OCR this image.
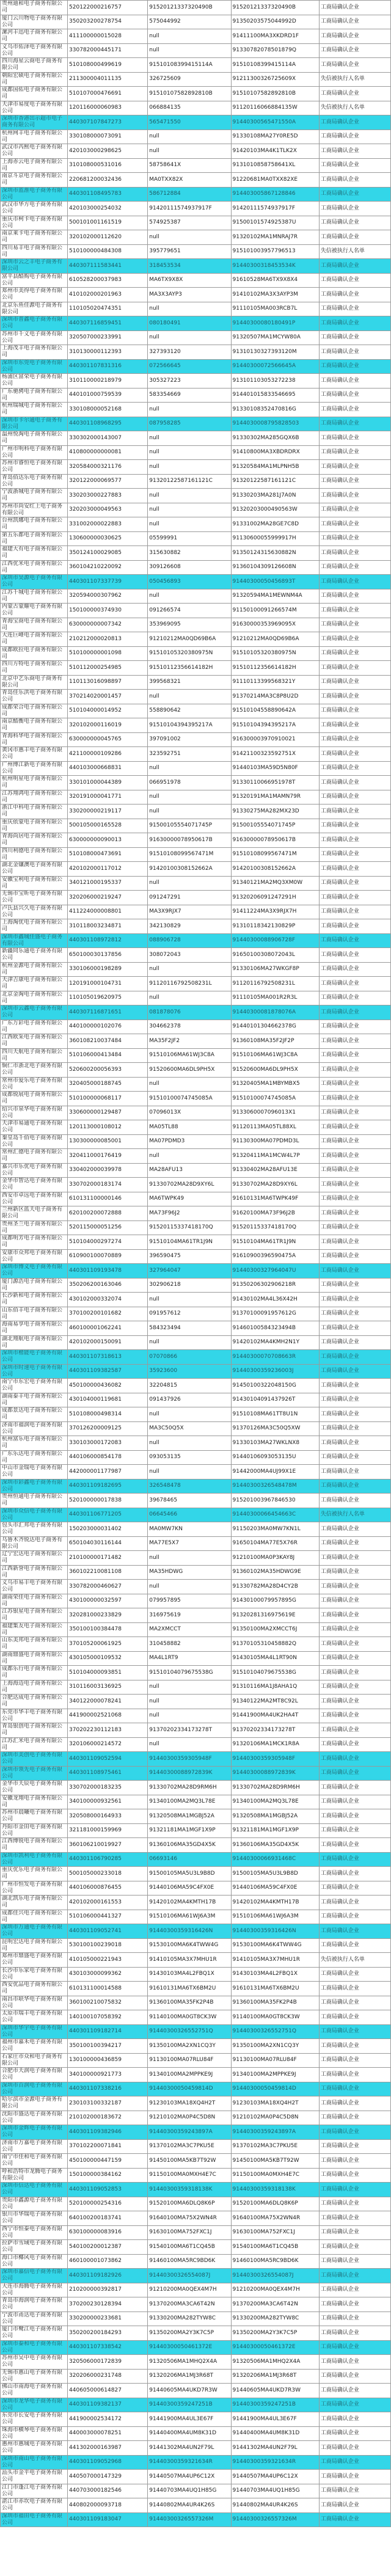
贵州迪和电子商务有限公司	520122000216757	91520121337320490B	91520121337320490B	工商局确认企业
厦门云川物电子商务有限公司	350203200278754	575044992	91350203575044992D	工商局确认企业
漯河丰迅电子商务有限公司	411100000015028	null	91411100MA3XKDRD1F	工商局确认企业
义乌市佑泽电子商务有限公司	330782000445171	null	91330782078501879Q	工商局确认企业
四川海星云商电子商务有限公司	510108000499619	91510108399415114A	91510108399415114A	工商局确认企业
朝阳宏硕电子商务有限公司	211300004011135	326725609	91211300326725609X	失信被执行人名单
成都国佑电子商务有限公司	510107000476691	91510107582892810B	91510107582892810B	工商局确认企业
天津市易度电子商务有限公司	120116000060983	066884135	91120116066884135W	失信被执行人名单
深圳市香港出示超市电子商务有限公司	440307107847273	565471550	91440300565471550A	工商局确认企业
杭州网丰电子商务有限公司	330108000073091	null	91330108MA27Y0RE5D	工商局确认企业
武汉市芮熙电子商务有限公司	420103000298625	null	91420103MA4K1TLK2X	工商局确认企业
上海赤云电子商务有限公司	310108000531016	58758641X	9131010858758641XL	工商局确认企业
南京斗京电子商务有限公司	220681200032436	MA0TXX82X	91220681MA0TXX82XE	工商局确认企业
深圳市蓝淮电子商务有限公司	440301108495783	586712884	914403005867128846	工商局确认企业
武汉市华方电子商务有限公司	420103000254032	91420111574937917F	91420111574937917F	工商局确认企业
重庆市柯卡电子商务有限公司	500101001161519	574925387	91500101574925387U	工商局确认企业
南京莱卡电子商务有限公司	320102000112620	null	91320102MA1MNRAJ7R	工商局确认企业
四川易丰电子商务有限公司	510100000484308	395779651	915101003957796513	失信被执行人名单
深圳市云之丰电子商务有限公司	440307111583441	318453534	91440300318453534K	工商局确认企业
富平县酷购电子商务有限公司	610528200037983	MA6TX9X8X	91610528MA6TX9X8X4	工商局确认企业
郑州市美得电子商务有限公司	410102000201963	MA3X3AYP3	91410102MA3X3AYP3M	工商局确认企业
北京乐鱼佳源电子商务有限公司	110105020474351	null	91110105MA003RCB7L	工商局确认企业
深圳市普鑫电子商务有限公司	440307116859451	080180491	91440300080180491P	工商局确认企业
苏州市千义电子商务有限公司	320507000233991	null	91320507MA1MCYW80A	工商局确认企业
上海茂丰电子商务有限公司	310130000112393	327393120	91310130327393120M	工商局确认企业
深圳市东莞电子商务有限公司	440301107831316	072566645	91440300072566645A	工商局确认企业
杨浦区富荣电子商务有限公司	310110000218979	305327223	913101103053272238	工商局确认企业
广东驰骋电子商务有限公司	440101000759539	583354669	914401015833546695	工商局确认企业
杭州瑞城电子商务有限公司	330108000052168	null	91330108352470816G	工商局确认企业
深圳市卡尔通电子商务有限公司	440301108968295	087958285	9144030008795828503	工商局确认企业
温州悦淘电子商务有限公司	330302000143007	null	91330302MA285GQX6B	工商局确认企业
广州市明科电子商务有限公司	410800000000081	null	91410800MA3XBDRDRX	工商局确认企业
苏州市睿恒电子商务有限公司	320584000321176	null	91320584MA1MLPNH5B	工商局确认企业
青岛佰达乐电子商务有限公司	320122000069577	91320122587161121C	91320122587161121C	工商局确认企业
宁波浙城电子商务有限公司	330203000227883	null	91330203MA281J7A0N	工商局确认企业
苏州市尚安红上电子商务有限公司	320203000049563	null	91320203000490563W	工商局确认企业
台州凯娜电子商务有限公司	331002000022883	null	91331002MA28GE7C8D	工商局确认企业
第五乐都电子商务有限公司	130600000030625	05599991	91130600055999917H	工商局确认企业
福建大有电子商务有限公司	350124100029085	315630882	91350124315630882N	工商局确认企业
江西优米电子商务有限公司	360104210220092	309126608	91360104309126608N	工商局确认企业
深圳市昊源电子商务有限公司	440301107337739	050456893	91440300050456893T	工商局确认企业
江苏千城电子商务有限公司	320594000307962	null	91320594MA1MEWNM4A	工商局确认企业
内蒙古蒙耀电子商务有限公司	150100000374930	091266574	91150100091266574M	工商局确认企业
青海宝商电子商务有限公司	630000000007342	353969095	91630000353969095X	工商局确认企业
大连巨峰电子商务有限公司	210212000020813	91210212MA0QD69B6A	91210212MA0QD69B6A	工商局确认企业
成都欧拉电子商务有限公司	510100000001098	91510105320380975N	91510105320380975N	工商局确认企业
四川方特电子商务有限公司	510112000254985	91510112356614182H	91510112356614182H	工商局确认企业
北京中艺乐商电子商务有限公司	110113016098897	399568321	91110113399568321Y	工商局确认企业
青岛佳乐洪电子商务有限公司	370214020001457	null	91370214MA3C8P8U2D	工商局确认企业
成都荣合电子商务有限公司	510104000014952	558890642	91510104558890642A	工商局确认企业
南京酷衡电子商务有限公司	320102000116019	91510104394395217A	91510104394395217A	工商局确认企业
青海科华电子商务有限公司	630000000045765	397091002	916300003970910021	工商局确认企业
黄冈市惠丰电子商务有限公司	421100000109286	323592751	91421100323592751X	工商局确认企业
广州博江新电子商务有限公司	440103000668831	null	91440103MA59D5N80F	工商局确认企业
杭州明星电子商务有限公司	330101000044389	066951978	91330110066951978T	工商局确认企业
江苏翔鸿电子商务有限公司	320191000041771	null	91320191MA1MAMN79R	工商局确认企业
浙江中科电子商务有限公司	330200000219117	null	91330275MA282MX23D	工商局确认企业
重庆依蒙电子商务有限公司	500105000165528	91500105554071745P	91500105554071745P	工商局确认企业
青海尚居电子商务有限公司	630000000090013	91630000078950617B	91630000078950617B	工商局确认企业
四川利德电子商务有限公司	510108000473691	91510108099567471M	91510108099567471M	工商局确认企业
湖北金镶澳电子商务有限公司	420102000117012	91420100308152662A	91420100308152662A	工商局确认企业
安徽宝利电子商务有限公司	340121000195337	null	91340121MA2MQ3XM0W	工商局确认企业
无锡市宝昕电子商务有限公司	320206000219247	091247291	91320206091247291H	工商局确认企业
卢氏县兴久电子商务有限公司	411224000008801	MA3X9RJX7	91411224MA3X9RJX7H	工商局确认企业
上海淘优电子商务有限公司	310118003234871	342130829	91310118342130829P	工商局确认企业
深圳市鑫城佳盛电子商务有限公司	440301108972812	088906728	91440300088906728F	工商局确认企业
新疆同乐通电子商务有限公司	650100030137856	308072043	91650100308072043L	工商局确认企业
杭州金源电子商务有限公司	330106000198289	null	91330106MA27WKGF8P	工商局确认企业
天津吉康电子商务有限公司	120191000104731	91120116792508231L	91120116792508231L	工商局确认企业
北京金淘电子商务有限公司	110105019620975	null	91110105MA001R2R3L	工商局确认企业
深圳市云鑫电子商务有限公司	440307116871651	081878076	91440300081878076A	工商局确认企业
广东万彩电子商务有限公司	440100000102076	304662378	91440101304662378G	工商局确认企业
江西欧采电子商务有限公司	360108210037484	MA35F2JF2	91360108MA35F2JF2P	工商局确认企业
四川天航电子商务有限公司	510106000413484	91510106MA61WJ3C8A	91510106MA61WJ3C8A	工商局确认企业
铜仁市浙北电子商务有限公司	520600200056393	91520600MA6DL9PH5X	91520600MA6DL9PH5X	工商局确认企业
常州市爱乐电子商务有限公司	320405000188745	null	91320405MA1MBYMBX5	工商局确认企业
成都锐展电子商务有限公司	510100000068117	91510100074745085A	91510100074745085A	工商局确认企业
绍兴市泉华电子商务有限公司	330600000129487	07096013X	9133060007096013X1	工商局确认企业
天津市易通电子商务有限公司	120113000108012	MA05TL88	91120113MA05TL88XL	工商局确认企业
秦皇岛千佰电子商务有限公司	130300000085001	MA07PDMD3	91130300MA07PDMD3L	工商局确认企业
常州汇德电子商务有限公司	320411000176419	null	91320411MA1MCW4L7P	工商局确认企业
嘉兴市乐优电子商务有限公司	330402000039978	MA28AFU13	91330402MA28AFU13E	工商局确认企业
金华市智达电子商务有限公司	330702000183174	91330702MA28D9XY6L	91330702MA28D9XY6L	工商局确认企业
西安市卓远电子商务有限公司	610131100000146	MA6TWPK49	91610131MA6TWPK49F	工商局确认企业
兰州新区蓝天电子商务有限公司	620100200072888	MA73F96J2	91620100MA73F96J2B	工商局确认企业
贵州圣兰电子商务有限公司	520115000051256	91520115337418170Q	91520115337418170Q	工商局确认企业
成都明芳电子商务有限公司	510104000297274	91510104MA61TR1J9N	91510104MA61TR1J9N	工商局确认企业
安康市众邦电子商务有限公司	610900100070889	396590475	91610900396590475A	工商局确认企业
深圳市博义电子商务有限公司	440301109193478	327964047	91440300327964047U	工商局确认企业
厦门源浩电子商务有限公司	350206200163046	302906218	91350206302906218R	工商局确认企业
长沙新和电子商务有限公司	430102000332074	null	91430102MA4L36X42H	工商局确认企业
山东佰丰电子商务有限公司	370100200101682	091957612	91370100091957612G	工商局确认企业
海南易享电子商务有限公司	460100001062241	584323494	91460100584323494B	工商局确认企业
湖北翔航电子商务有限公司	420102000150091	null	91420102MA4KMH2N1Y	工商局确认企业
深圳市楷能电子商务有限公司	440301107318613	07070866	91440300070708663R	工商局确认企业
深圳市时速电子商务有限公司	440301109382587	35923600	91440300359236003J	工商局确认企业
南宁市东宏电子商务有限公司	450100000436082	32204815	91450100322048150G	工商局确认企业
湖南泰丰电子商务有限公司	430104000119681	091437926	91430104091437926T	工商局确认企业
成都景达电子商务有限公司	510108000498314	null	91510108MA61TT8U1N	工商局确认企业
济南市福润电子商务有限公司	370126200009125	MA3C50Q5X	91370126MA3C50Q5XW	工商局确认企业
杭州富乐电子商务有限公司	330103000172083	null	91330103MA27WKLNX8	工商局确认企业
广东乐达电子商务有限公司	440106000854178	093053135	91440106093053135U	工商局确认企业
中山市金瑞电子商务有限公司	442000001177987	null	91442000MA4UJ99X1E	工商局确认企业
深圳市彩鑫电子商务有限公司	440301109182695	326548478	91440300326548478M	工商局确认企业
贵州恒通电子商务有限公司	520100000017838	39678465	915201003967846530	工商局确认企业
深圳市众信电子商务有限公司	440301106771205	06645466	91440300066454663C	失信被执行人名单
包头市汇邦电子商务有限公司	150203000031402	MA0MW7KN	91150203MA0MW7KN1L	工商局确认企业
乌鲁木齐锐达电子商务有限公司	650104030116144	MA77E5X7	91650104MA77E5X76R	工商局确认企业
辽宁宏达电子商务有限公司	210100000171482	null	91210100MA0P3KAY8J	工商局确认企业
江西新誉电子商务有限公司	360102210081108	MA35HDWG	91360102MA35HDWG9E	工商局确认企业
义乌市易丰电子商务有限公司	330782000460627	null	91330782MA28D4CY2B	工商局确认企业
湖南荣佳电子商务有限公司	430100000032597	079957895	91430100079957895G	工商局确认企业
江苏银星电子商务有限公司	320281000233829	316975619	91320281316975619E	工商局确认企业
福建集友电子商务有限公司	350100100384478	MA2XMCCT	91350100MA2XMCCT6J	工商局确认企业
山东美邦电子商务有限公司	370105200061925	310458882	91370105310458882Q	工商局确认企业
湖南鼎盛电子商务有限公司	430105000109532	MA4L1RT9	91430105MA4L1RT90N	工商局确认企业
成都乐行电子商务有限公司	510104000093851	91510104079675538G	91510104079675538G	工商局确认企业
上海海迈电子商务有限公司	310116003136925	null	91310116MA1J8AHA1Q	工商局确认企业
合肥达成电子商务有限公司	340122000078241	null	91340122MA2MT8C92L	工商局确认企业
东莞市华丰电子商务有限公司	441900002521068	null	91441900MA4UK2HA4T	工商局确认企业
青岛银创电子商务有限公司	370202230112183	91370202334173278T	91370202334173278T	工商局确认企业
江苏汇米电子商务有限公司	320106000214572	null	91320106MA1MCK1R8A	工商局确认企业
深圳市美创电子商务有限公司	440301109052594	91440300359305948F	91440300359305948F	工商局确认企业
深圳市领先电子商务有限公司	440301108975461	91440300088972839K	91440300088972839K	工商局确认企业
金华市天辰电子商务有限公司	330702000183235	91330702MA28D9RM6H	91330702MA28D9RM6H	工商局确认企业
安徽龙翔电子商务有限公司	340100000932561	91340100MA2MQ3L78E	91340100MA2MQ3L78E	工商局确认企业
苏州市晨曦电子商务有限公司	320508000164933	91320508MA1MGBJ52A	91320508MA1MGBJ52A	工商局确认企业
丹阳市金田电子商务有限公司	321181000159969	91321181MA1MGF1X9P	91321181MA1MGF1X9P	工商局确认企业
江西博锐电子商务有限公司	360106210019927	91360106MA35GD4X5K	91360106MA35GD4X5K	工商局确认企业
深圳市凯利电子商务有限公司	440301106790285	06693146	91440300066931468C	工商局确认企业
重庆优乐电子商务有限公司	500105000233018	91500105MA5U3L9B8D	91500105MA5U3L9B8D	工商局确认企业
广州市恒发电子商务有限公司	440106000876455	91440106MA59C4FX0E	91440106MA59C4FX0E	工商局确认企业
湖北凯乐电子商务有限公司	420102000161553	91420102MA4KMTH17B	91420102MA4KMTH17B	工商局确认企业
成都佳兴电子商务有限公司	510106000441327	91510106MA61WJ6A3M	91510106MA61WJ6A3M	工商局确认企业
深圳市万通电子商务有限公司	440301109052741	91440300359316426N	91440300359316426N	工商局确认企业
昆明宏达电子商务有限公司	530100100239018	91530100MA6K4TWW4G	91530100MA6K4TWW4G	工商局确认企业
郑州市鼎盛电子商务有限公司	410105000221943	91410105MA3X7MHU1R	91410105MA3X7MHU1R	失信被执行人名单
长沙市乐家电子商务有限公司	430103000099362	91430103MA4L2FBQ1X	91430103MA4L2FBQ1X	工商局确认企业
西安优品电子商务有限公司	610131100014588	91610131MA6TX6BM2U	91610131MA6TX6BM2U	工商局确认企业
南昌市联华电子商务有限公司	360100210075832	91360100MA35FK2P4B	91360100MA35FK2P4B	工商局确认企业
太原市瑞丰电子商务有限公司	140100107058392	91140100MA0GT8CK3W	91140100MA0GT8CK3W	工商局确认企业
深圳市华宇电子商务有限公司	440301109182714	91440300326552751Q	91440300326552751Q	工商局确认企业
福州市嘉禾电子商务有限公司	350100100394217	91350100MA2XN1CQ3Y	91350100MA2XN1CQ3Y	工商局确认企业
石家庄市众和电子商务有限公司	130100000436859	91130100MA07RLU84F	91130100MA07RLU84F	工商局确认企业
合肥市天润电子商务有限公司	340100000921773	91340100MA2MPPKE9J	91340100MA2MPPKE9J	工商局确认企业
深圳市百润电子商务有限公司	440301107338216	91440300050459814D	91440300050459814D	工商局确认企业
哈尔滨市金源电子商务有限公司	230103100332187	91230103MA18XQ4H2T	91230103MA18XQ4H2T	工商局确认企业
沈阳市盛达电子商务有限公司	210102000183672	91210102MA0P4C5D8N	91210102MA0P4C5D8N	工商局确认企业
深圳市金辉电子商务有限公司	440301109382946	91440300359243897A	91440300359243897A	工商局确认企业
济南市万嘉电子商务有限公司	370102200071841	91370102MA3C7PKU5E	91370102MA3C7PKU5E	工商局确认企业
南宁市佳和电子商务有限公司	450100000447159	91450100MA5KB7T92W	91450100MA5KB7T92W	工商局确认企业
呼和浩特市龙腾电子商务有限公司	150100000384162	91150100MA0MXH4E7C	91150100MA0MXH4E7C	工商局确认企业
深圳市信达电子商务有限公司	440301109052853	91440300359318138K	91440300359318138K	工商局确认企业
贵阳市鑫源电子商务有限公司	520100000254316	91520100MA6DLQ8K6P	91520100MA6DLQ8K6P	工商局确认企业
银川市华瑞电子商务有限公司	640100200183741	91640100MA75X2WN4R	91640100MA75X2WN4R	工商局确认企业
西宁市恒泰电子商务有限公司	630100000083916	91630100MA752FXC1J	91630100MA752FXC1J	工商局确认企业
拉萨市雪域电子商务有限公司	540100200012387	91540100MA6T1CQ45B	91540100MA6T1CQ45B	工商局确认企业
海口市椰风电子商务有限公司	460100001073862	91460100MA5RC9BD6K	91460100MA5RC9BD6K	工商局确认企业
深圳市嘉信电子商务有限公司	440301109182926	91440300326554087J	91440300326554087J	工商局确认企业
大连市海腾电子商务有限公司	210200000392817	91210200MA0QEX4M7H	91210200MA0QEX4M7H	工商局确认企业
青岛市海润电子商务有限公司	370200230128394	91370200MA3CA6T42N	91370200MA3CA6T42N	工商局确认企业
宁波市甬达电子商务有限公司	330200000233681	91330200MA282TYW8C	91330200MA282TYW8C	工商局确认企业
厦门市鹭江电子商务有限公司	350200200184293	91350200MA2Y3K7C5P	91350200MA2Y3K7C5P	工商局确认企业
深圳市泰和电子商务有限公司	440301107338542	91440300050461372E	91440300050461372E	工商局确认企业
苏州市吴中电子商务有限公司	320506000172839	91320506MA1MHQ2X4A	91320506MA1MHQ2X4A	工商局确认企业
无锡市惠山电子商务有限公司	320206000231748	91320206MA1MJ3R68T	91320206MA1MJ3R68T	工商局确认企业
佛山市南海电子商务有限公司	440605000614827	91440605MA4UKD7R3W	91440605MA4UKD7R3W	工商局确认企业
深圳市龙华电子商务有限公司	440301109382137	91440300359247251B	91440300359247251B	工商局确认企业
东莞市长安电子商务有限公司	441900002534172	91441900MA4UL3E67F	91441900MA4UL3E67F	工商局确认企业
珠海市横琴电子商务有限公司	440003000078251	91440400MA4UM8K31D	91440400MA4UM8K31D	工商局确认企业
惠州市惠城电子商务有限公司	441302000163987	91441302MA4UN2F79L	91441302MA4UN2F79L	工商局确认企业
深圳市南山电子商务有限公司	440301109052968	91440300359321634R	91440300359321634R	工商局确认企业
汕头市金平电子商务有限公司	440507000147329	91440507MA4UP6C12X	91440507MA4UP6C12X	工商局确认企业
江门市蓬江电子商务有限公司	440703000182546	91440703MA4UQ1H85G	91440703MA4UQ1H85G	工商局确认企业
湛江市赤坎电子商务有限公司	440802000093718	91440802MA4UR4K26S	91440802MA4UR4K26S	工商局确认企业
深圳市福田电子商务有限公司	440301109183047	91440300326557326M	91440300326557326M	工商局确认企业
